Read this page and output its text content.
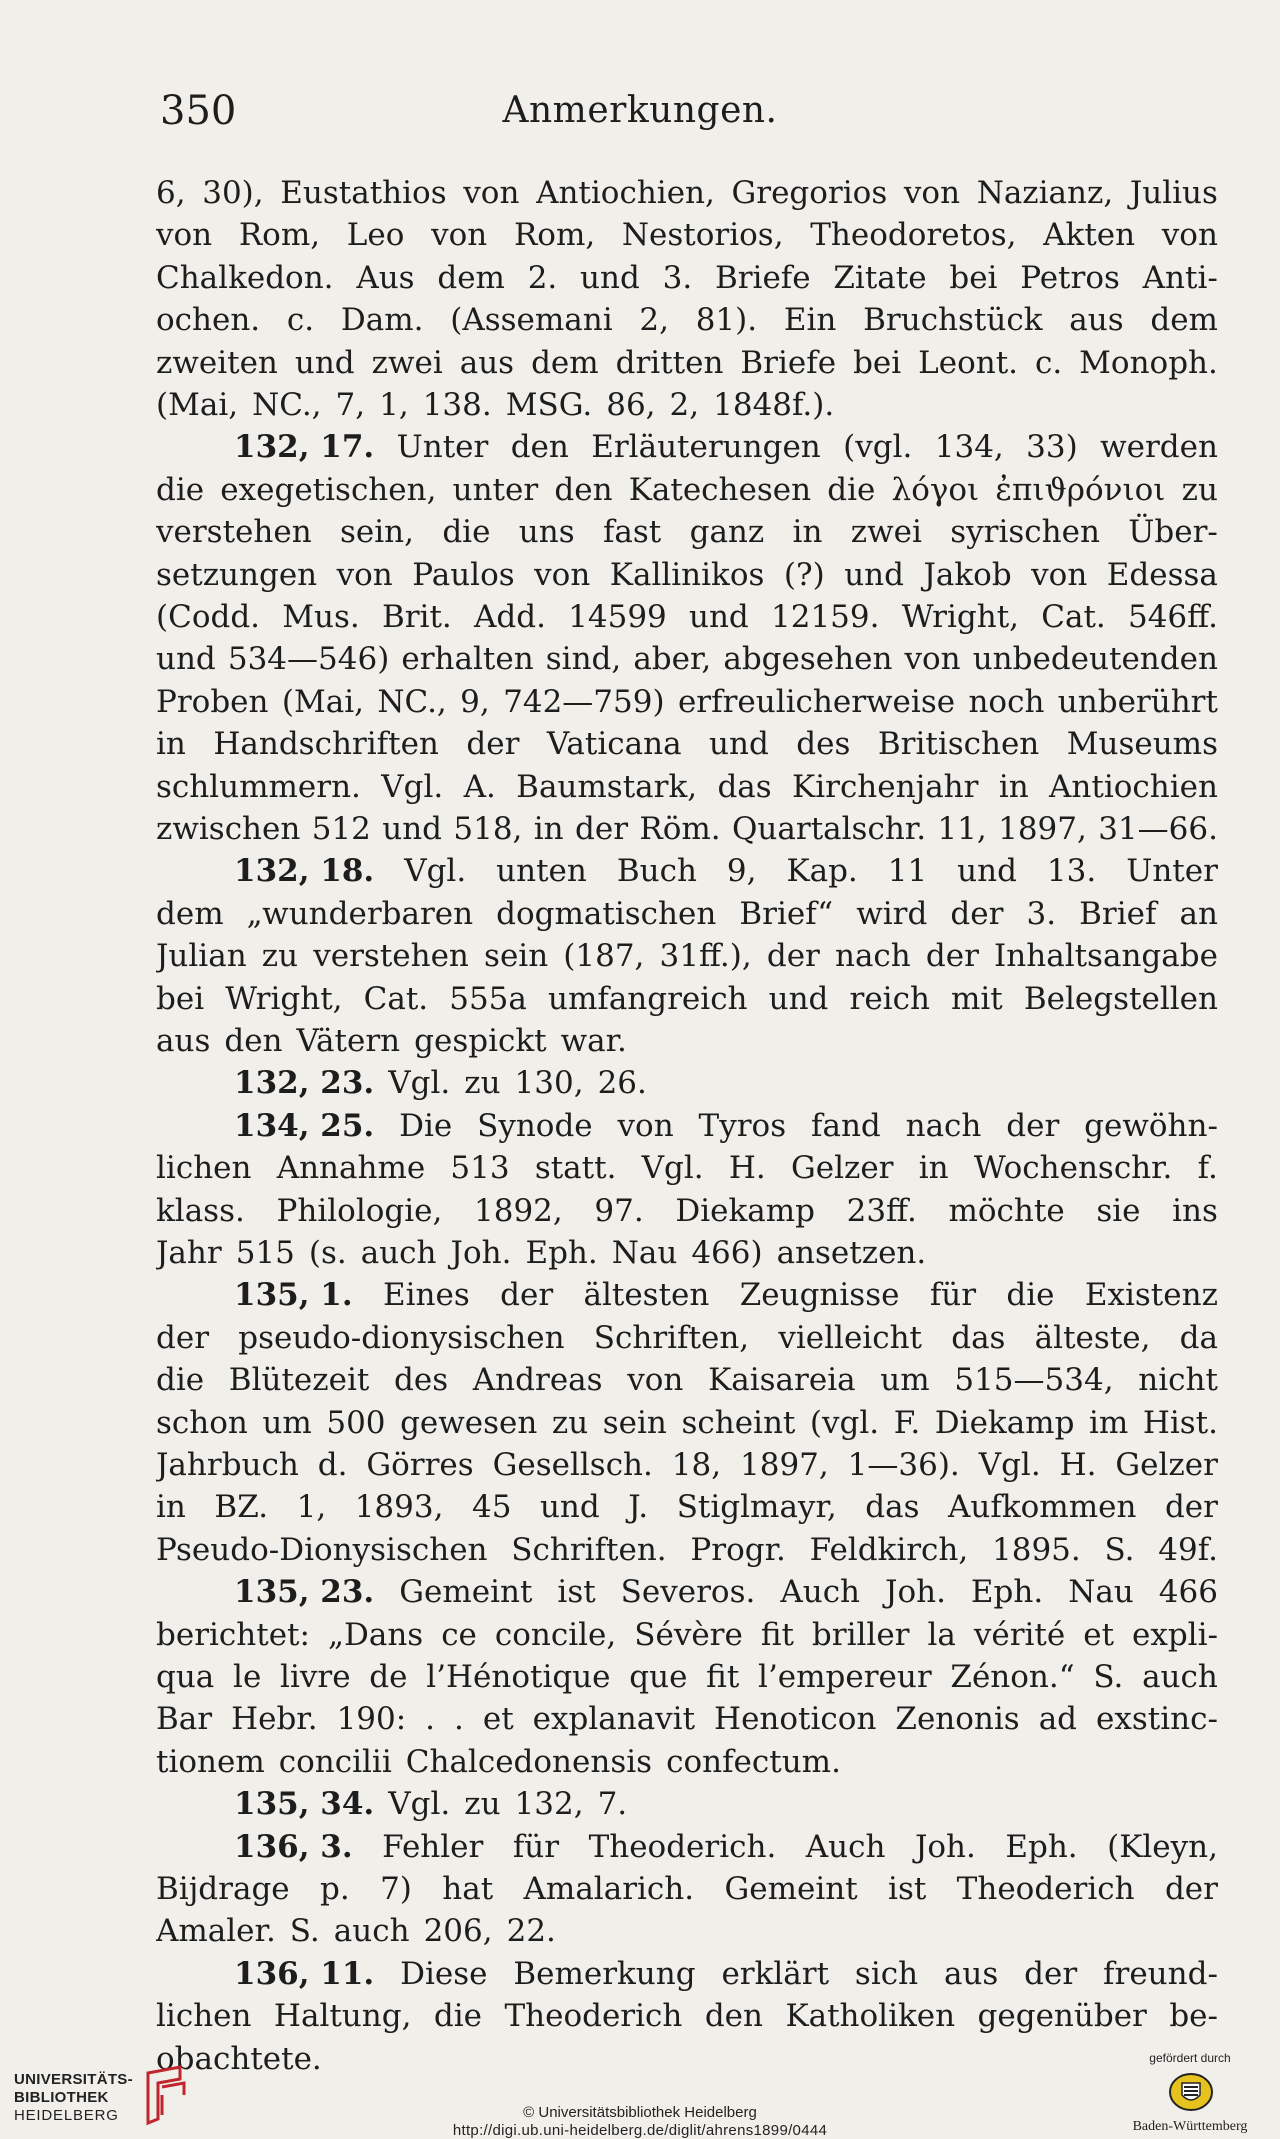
350	Anmerkungen.
6, 30), Eustathios von Antiochien, Gregorios von Nazianz, Julius
von Rom, Leo von Rom, Nestorios, Theodoretos, Akten von
Chalkedon. Aus dem 2. und 3. Briefe Zitate bei Petros Anti-
ochen. c. Dam. (Assemani 2, 81). Ein Bruchstück aus dem
zweiten und zwei aus dem dritten Briefe bei Leont. c. Monoph.
(Mai, NC., 7, 1, 138. MSG. 86, 2, 1848f.).
132, 17. Unter den Erläuterungen (vgl. 134, 33) werden
die exegetischen, unter den Katechesen die λόγοι ἐπιϑρόνιοι zu
verstehen sein, die uns fast ganz in zwei syrischen Über-
setzungen von Paulos von Kallinikos (?) und Jakob von Edessa
(Codd. Mus. Brit. Add. 14599 und 12159. Wright, Cat. 546ff.
und 534—546) erhalten sind, aber, abgesehen von unbedeutenden
Proben (Mai, NC., 9, 742—759) erfreulicherweise noch unberührt
in Handschriften der Vaticana und des Britischen Museums
schlummern. Vgl. A. Baumstark, das Kirchenjahr in Antiochien
zwischen 512 und 518, in der Röm. Quartalschr. 11, 1897, 31—66.
132, 18. Vgl. unten Buch 9, Kap. 11 und 13. Unter
dem „wunderbaren dogmatischen Brief“ wird der 3. Brief an
Julian zu verstehen sein (187, 31ff.), der nach der Inhaltsangabe
bei Wright, Cat. 555a umfangreich und reich mit Belegstellen
aus den Vätern gespickt war.
132, 23. Vgl. zu 130, 26.
134, 25. Die Synode von Tyros fand nach der gewöhn-
lichen Annahme 513 statt. Vgl. H. Gelzer in Wochenschr. f.
klass. Philologie, 1892, 97. Diekamp 23ff. möchte sie ins
Jahr 515 (s. auch Joh. Eph. Nau 466) ansetzen.
135, 1. Eines der ältesten Zeugnisse für die Existenz
der pseudo-dionysischen Schriften, vielleicht das älteste, da
die Blütezeit des Andreas von Kaisareia um 515—534, nicht
schon um 500 gewesen zu sein scheint (vgl. F. Diekamp im Hist.
Jahrbuch d. Görres Gesellsch. 18, 1897, 1—36). Vgl. H. Gelzer
in BZ. 1, 1893, 45 und J. Stiglmayr, das Aufkommen der
Pseudo-Dionysischen Schriften. Progr. Feldkirch, 1895. S. 49f.
135, 23. Gemeint ist Severos. Auch Joh. Eph. Nau 466
berichtet: „Dans ce concile, Sévère fit briller la vérité et expli-
qua le livre de l’Hénotique que fit l’empereur Zénon.“ S. auch
Bar Hebr. 190: . . et explanavit Henoticon Zenonis ad exstinc-
tionem concilii Chalcedonensis confectum.
135, 34. Vgl. zu 132, 7.
136, 3. Fehler für Theoderich. Auch Joh. Eph. (Kleyn,
Bijdrage p. 7) hat Amalarich. Gemeint ist Theoderich der
Amaler. S. auch 206, 22.
136, 11. Diese Bemerkung erklärt sich aus der freund-
lichen Haltung, die Theoderich den Katholiken gegenüber be-
obachtete.
UNIVERSITÄTS-
BIBLIOTHEK
HEIDELBERG	© Universitätsbibliothek Heidelberg
http://digi.ub.uni-heidelberg.de/diglit/ahrens1899/0444
gefördert durch
Baden-Württemberg
